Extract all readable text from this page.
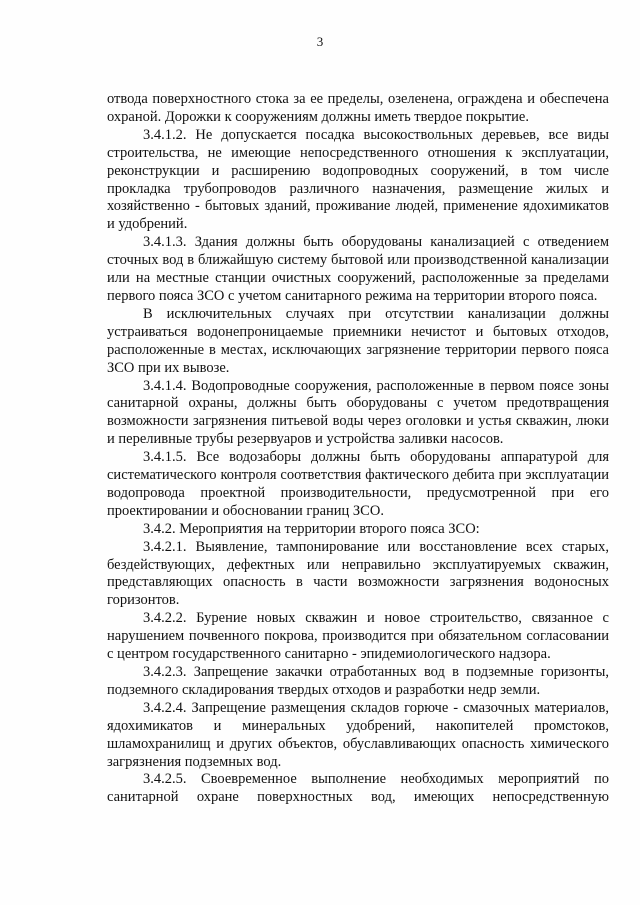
3

отвода поверхностного стока за ее пределы, озеленена, ограждена и обеспечена охраной. Дорожки к сооружениям должны иметь твердое покрытие.

3.4.1.2. Не допускается посадка высокоствольных деревьев, все виды строительства, не имеющие непосредственного отношения к эксплуатации, реконструкции и расширению водопроводных сооружений, в том числе прокладка трубопроводов различного назначения, размещение жилых и хозяйственно - бытовых зданий, проживание людей, применение ядохимикатов и удобрений.

3.4.1.3. Здания должны быть оборудованы канализацией с отведением сточных вод в ближайшую систему бытовой или производственной канализации или на местные станции очистных сооружений, расположенные за пределами первого пояса ЗСО с учетом санитарного режима на территории второго пояса.

В исключительных случаях при отсутствии канализации должны устраиваться водонепроницаемые приемники нечистот и бытовых отходов, расположенные в местах, исключающих загрязнение территории первого пояса ЗСО при их вывозе.

3.4.1.4. Водопроводные сооружения, расположенные в первом поясе зоны санитарной охраны, должны быть оборудованы с учетом предотвращения возможности загрязнения питьевой воды через оголовки и устья скважин, люки и переливные трубы резервуаров и устройства заливки насосов.

3.4.1.5. Все водозаборы должны быть оборудованы аппаратурой для систематического контроля соответствия фактического дебита при эксплуатации водопровода проектной производительности, предусмотренной при его проектировании и обосновании границ ЗСО.

3.4.2. Мероприятия на территории второго пояса ЗСО:

3.4.2.1. Выявление, тампонирование или восстановление всех старых, бездействующих, дефектных или неправильно эксплуатируемых скважин, представляющих опасность в части возможности загрязнения водоносных горизонтов.

3.4.2.2. Бурение новых скважин и новое строительство, связанное с нарушением почвенного покрова, производится при обязательном согласовании с центром государственного санитарно - эпидемиологического надзора.

3.4.2.3. Запрещение закачки отработанных вод в подземные горизонты, подземного складирования твердых отходов и разработки недр земли.

3.4.2.4. Запрещение размещения складов горюче - смазочных материалов, ядохимикатов и минеральных удобрений, накопителей промстоков, шламохранилищ и других объектов, обуславливающих опасность химического загрязнения подземных вод.

3.4.2.5. Своевременное выполнение необходимых мероприятий по санитарной охране поверхностных вод, имеющих непосредственную
